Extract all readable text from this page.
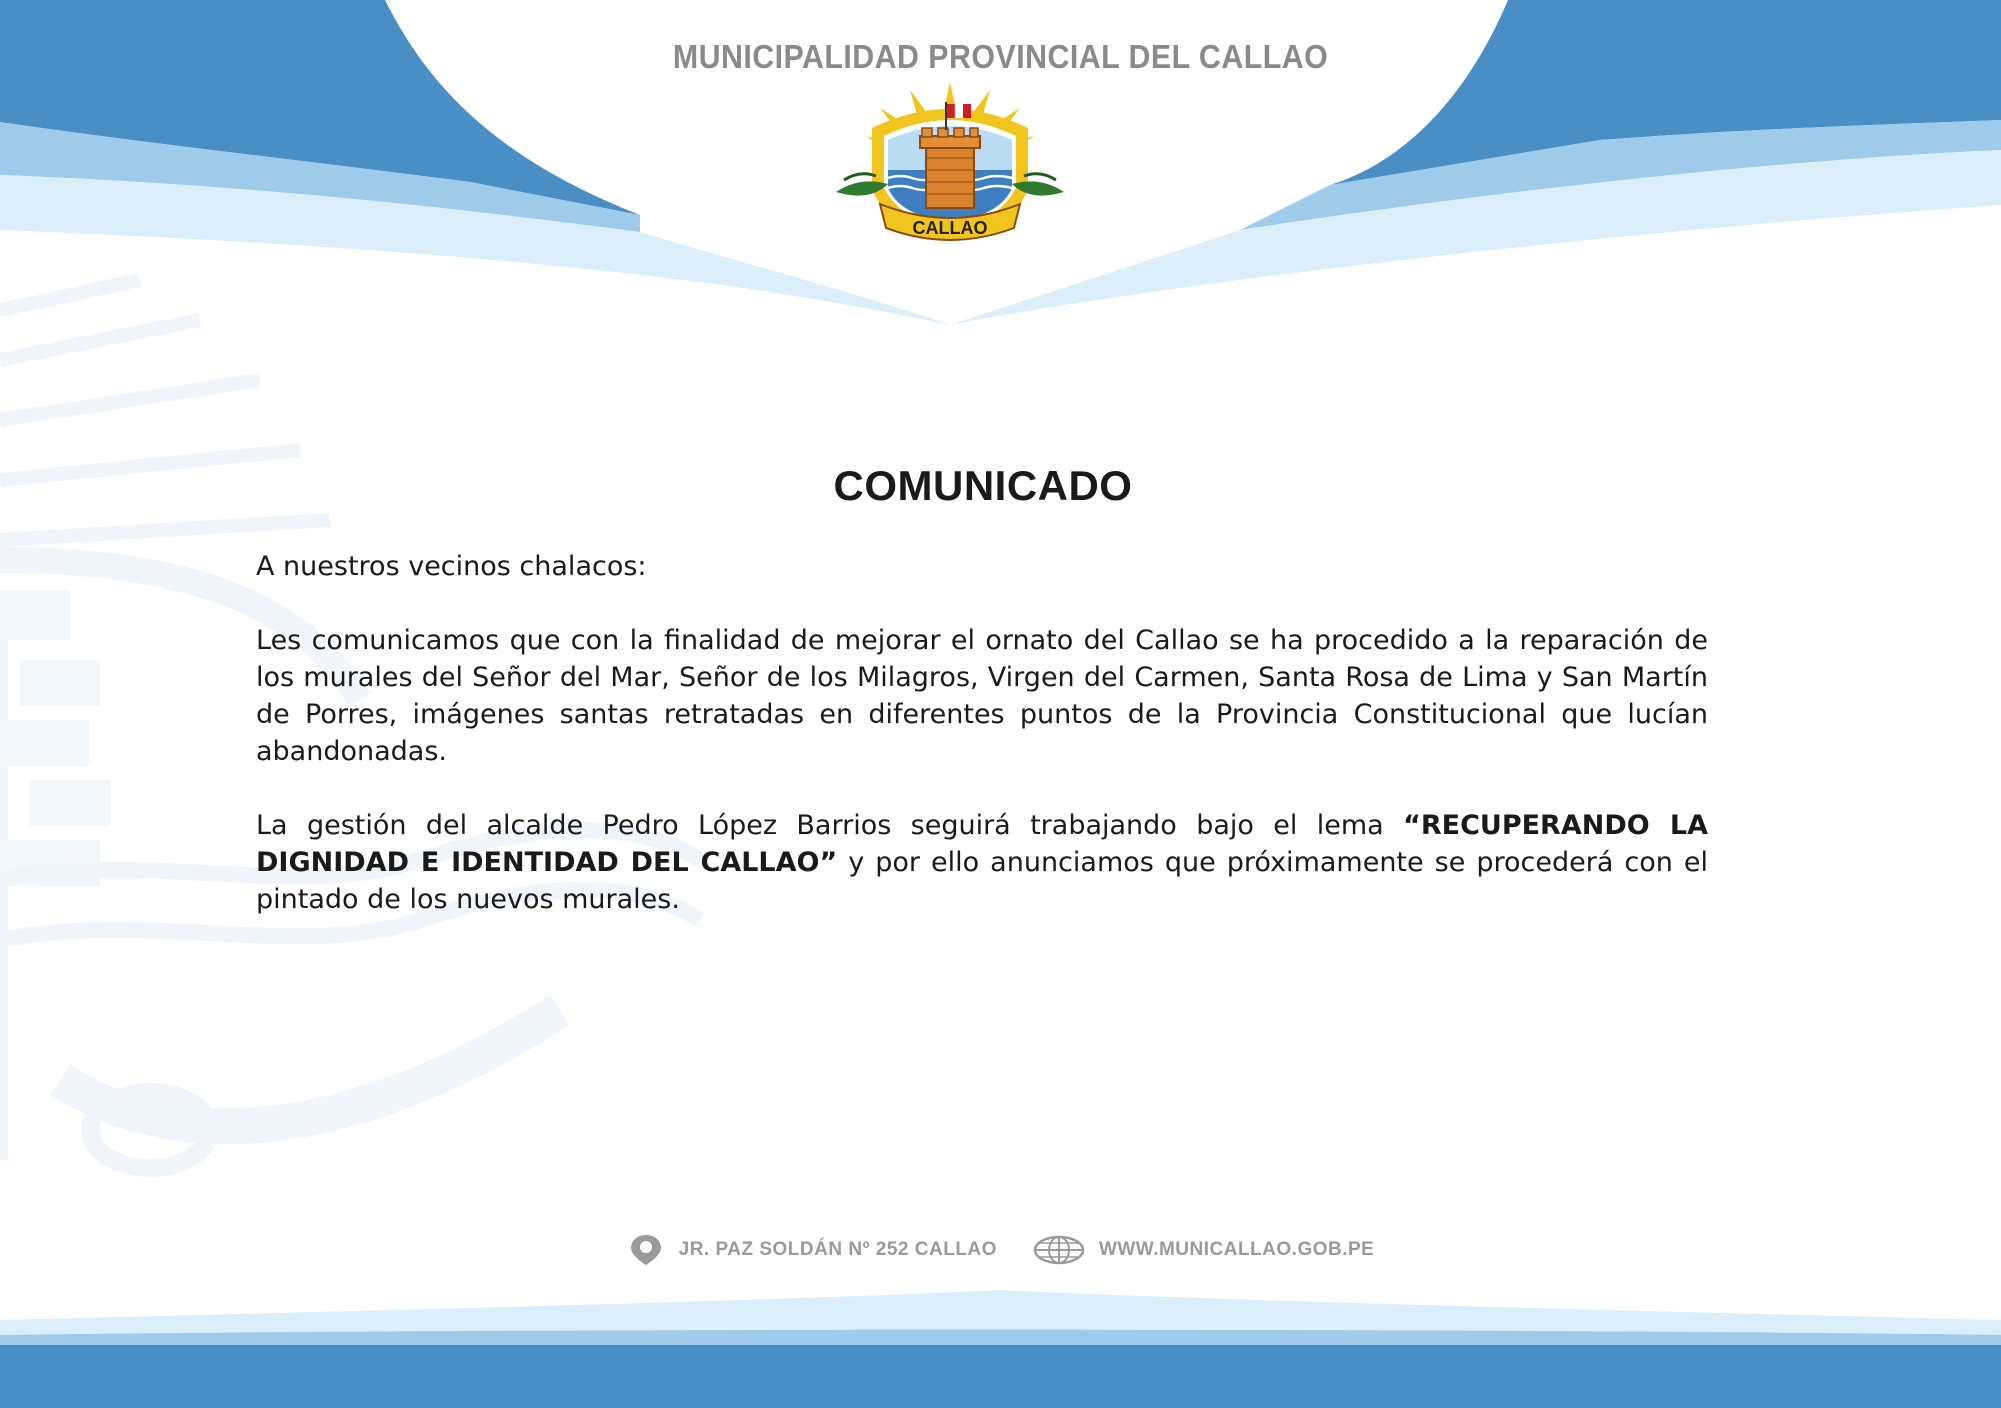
MUNICIPALIDAD PROVINCIAL DEL CALLAO
CALLAO
COMUNICADO

A nuestros vecinos chalacos:

Les comunicamos que con la finalidad de mejorar el ornato del Callao se ha procedido a la reparación de los murales del Señor del Mar, Señor de los Milagros, Virgen del Carmen, Santa Rosa de Lima y San Martín de Porres, imágenes santas retratadas en diferentes puntos de la Provincia Constitucional que lucían abandonadas.

La gestión del alcalde Pedro López Barrios seguirá trabajando bajo el lema “RECUPERANDO LA DIGNIDAD E IDENTIDAD DEL CALLAO” y por ello anunciamos que próximamente se procederá con el pintado de los nuevos murales.

JR. PAZ SOLDÁN Nº 252 CALLAO	WWW.MUNICALLAO.GOB.PE
